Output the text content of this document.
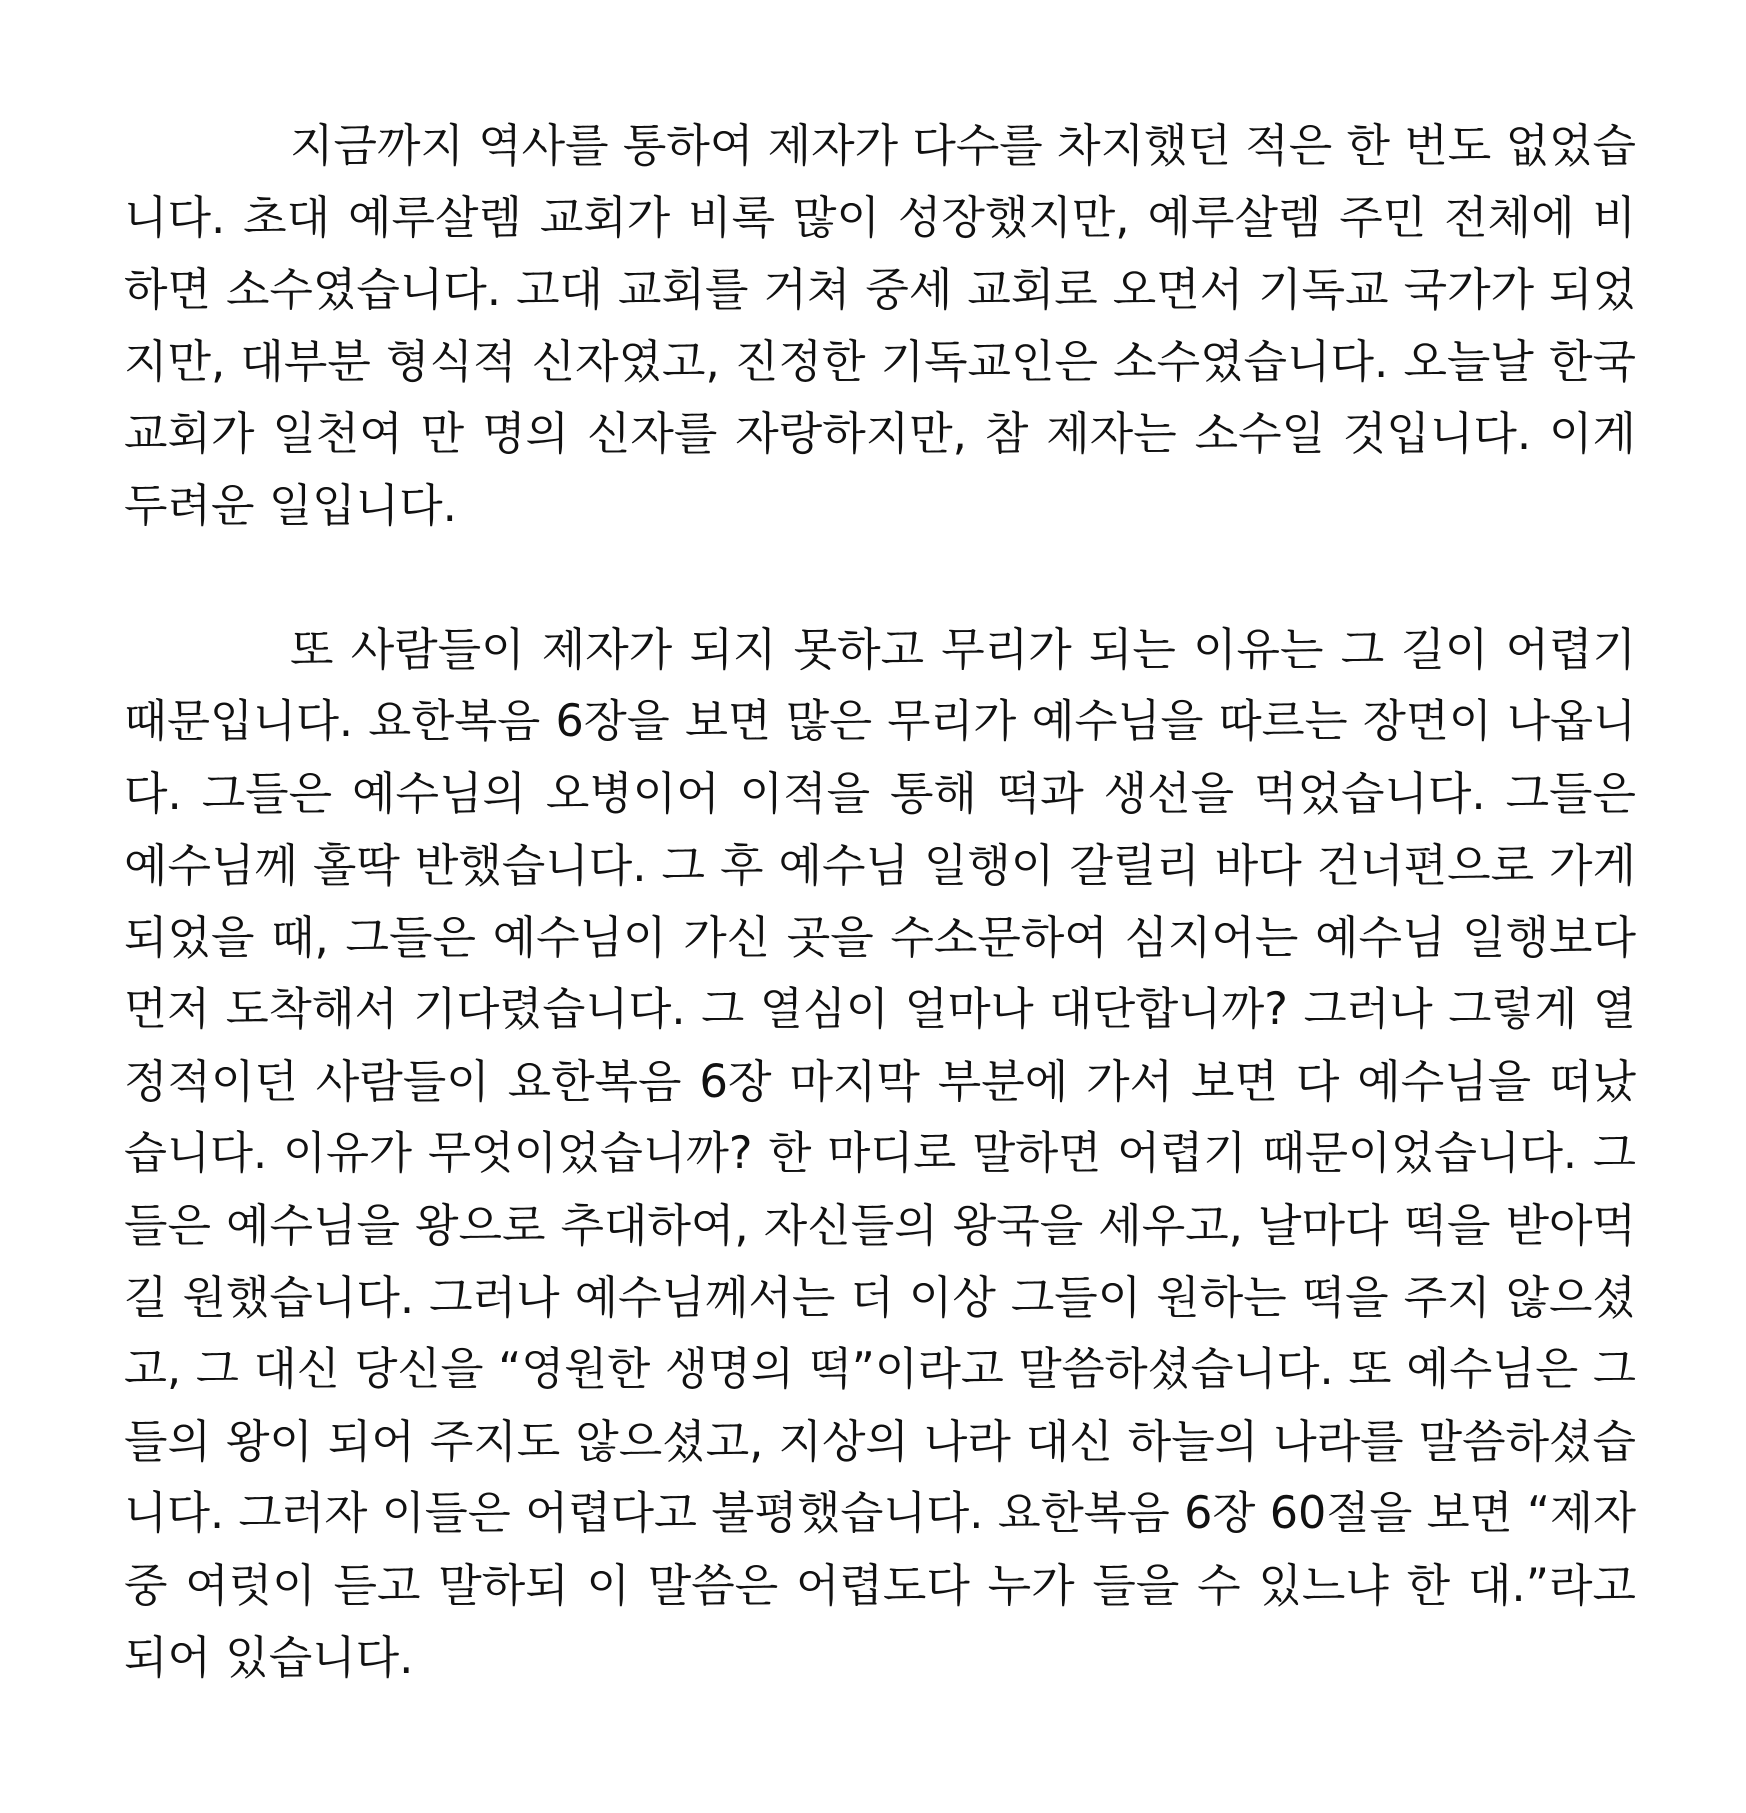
지금까지 역사를 통하여 제자가 다수를 차지했던 적은 한 번도 없었습
니다. 초대 예루살렘 교회가 비록 많이 성장했지만, 예루살렘 주민 전체에 비
하면 소수였습니다. 고대 교회를 거쳐 중세 교회로 오면서 기독교 국가가 되었
지만, 대부분 형식적 신자였고, 진정한 기독교인은 소수였습니다. 오늘날 한국
교회가 일천여 만 명의 신자를 자랑하지만, 참 제자는 소수일 것입니다. 이게
두려운 일입니다.

또 사람들이 제자가 되지 못하고 무리가 되는 이유는 그 길이 어렵기
때문입니다. 요한복음 6장을 보면 많은 무리가 예수님을 따르는 장면이 나옵니
다. 그들은 예수님의 오병이어 이적을 통해 떡과 생선을 먹었습니다. 그들은
예수님께 홀딱 반했습니다. 그 후 예수님 일행이 갈릴리 바다 건너편으로 가게
되었을 때, 그들은 예수님이 가신 곳을 수소문하여 심지어는 예수님 일행보다
먼저 도착해서 기다렸습니다. 그 열심이 얼마나 대단합니까? 그러나 그렇게 열
정적이던 사람들이 요한복음 6장 마지막 부분에 가서 보면 다 예수님을 떠났
습니다. 이유가 무엇이었습니까? 한 마디로 말하면 어렵기 때문이었습니다. 그
들은 예수님을 왕으로 추대하여, 자신들의 왕국을 세우고, 날마다 떡을 받아먹
길 원했습니다. 그러나 예수님께서는 더 이상 그들이 원하는 떡을 주지 않으셨
고, 그 대신 당신을 “영원한 생명의 떡”이라고 말씀하셨습니다. 또 예수님은 그
들의 왕이 되어 주지도 않으셨고, 지상의 나라 대신 하늘의 나라를 말씀하셨습
니다. 그러자 이들은 어렵다고 불평했습니다. 요한복음 6장 60절을 보면 “제자
중 여럿이 듣고 말하되 이 말씀은 어렵도다 누가 들을 수 있느냐 한 대.”라고
되어 있습니다.
